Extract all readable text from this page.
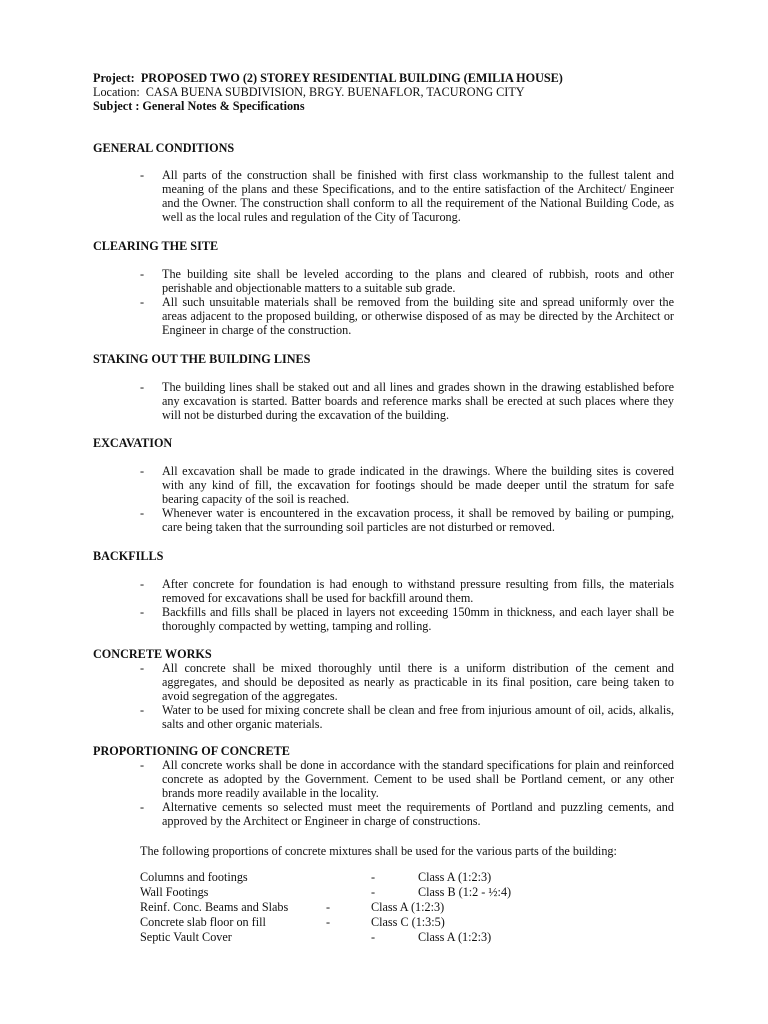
Project: PROPOSED TWO (2) STOREY RESIDENTIAL BUILDING (EMILIA HOUSE)
Location: CASA BUENA SUBDIVISION, BRGY. BUENAFLOR, TACURONG CITY
Subject : General Notes & Specifications
GENERAL CONDITIONS
- All parts of the construction shall be finished with first class workmanship to the fullest talent and meaning of the plans and these Specifications, and to the entire satisfaction of the Architect/ Engineer and the Owner. The construction shall conform to all the requirement of the National Building Code, as well as the local rules and regulation of the City of Tacurong.
CLEARING THE SITE
- The building site shall be leveled according to the plans and cleared of rubbish, roots and other perishable and objectionable matters to a suitable sub grade.
- All such unsuitable materials shall be removed from the building site and spread uniformly over the areas adjacent to the proposed building, or otherwise disposed of as may be directed by the Architect or Engineer in charge of the construction.
STAKING OUT THE BUILDING LINES
- The building lines shall be staked out and all lines and grades shown in the drawing established before any excavation is started. Batter boards and reference marks shall be erected at such places where they will not be disturbed during the excavation of the building.
EXCAVATION
- All excavation shall be made to grade indicated in the drawings. Where the building sites is covered with any kind of fill, the excavation for footings should be made deeper until the stratum for safe bearing capacity of the soil is reached.
- Whenever water is encountered in the excavation process, it shall be removed by bailing or pumping, care being taken that the surrounding soil particles are not disturbed or removed.
BACKFILLS
- After concrete for foundation is had enough to withstand pressure resulting from fills, the materials removed for excavations shall be used for backfill around them.
- Backfills and fills shall be placed in layers not exceeding 150mm in thickness, and each layer shall be thoroughly compacted by wetting, tamping and rolling.
CONCRETE WORKS
- All concrete shall be mixed thoroughly until there is a uniform distribution of the cement and aggregates, and should be deposited as nearly as practicable in its final position, care being taken to avoid segregation of the aggregates.
- Water to be used for mixing concrete shall be clean and free from injurious amount of oil, acids, alkalis, salts and other organic materials.
PROPORTIONING OF CONCRETE
- All concrete works shall be done in accordance with the standard specifications for plain and reinforced concrete as adopted by the Government. Cement to be used shall be Portland cement, or any other brands more readily available in the locality.
- Alternative cements so selected must meet the requirements of Portland and puzzling cements, and approved by the Architect or Engineer in charge of constructions.
The following proportions of concrete mixtures shall be used for the various parts of the building:
Columns and footings	-	Class A (1:2:3)
Wall Footings	-	Class B (1:2 - ½:4)
Reinf. Conc. Beams and Slabs	-	Class A (1:2:3)
Concrete slab floor on fill	-	Class C (1:3:5)
Septic Vault Cover	-	Class A (1:2:3)
